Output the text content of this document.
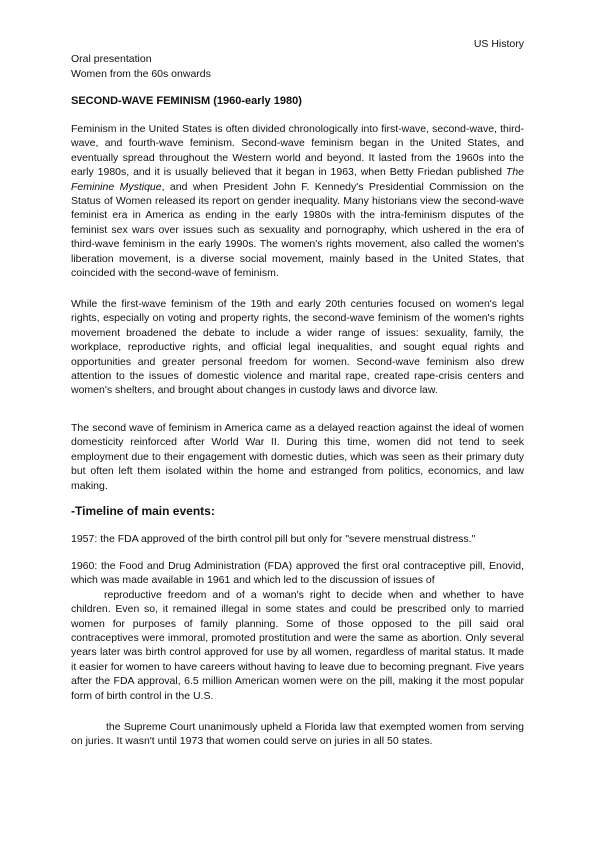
US History
Oral presentation
Women from the 60s onwards
SECOND-WAVE FEMINISM (1960-early 1980)

Feminism in the United States is often divided chronologically into first-wave, second-wave, third-wave, and fourth-wave feminism. Second-wave feminism began in the United States, and eventually spread throughout the Western world and beyond. It lasted from the 1960s into the early 1980s, and it is usually believed that it began in 1963, when Betty Friedan published The Feminine Mystique, and when President John F. Kennedy's Presidential Commission on the Status of Women released its report on gender inequality. Many historians view the second-wave feminist era in America as ending in the early 1980s with the intra-feminism disputes of the feminist sex wars over issues such as sexuality and pornography, which ushered in the era of third-wave feminism in the early 1990s. The women's rights movement, also called the women's liberation movement, is a diverse social movement, mainly based in the United States, that coincided with the second-wave of feminism.

While the first-wave feminism of the 19th and early 20th centuries focused on women's legal rights, especially on voting and property rights, the second-wave feminism of the women's rights movement broadened the debate to include a wider range of issues: sexuality, family, the workplace, reproductive rights, and official legal inequalities, and sought equal rights and opportunities and greater personal freedom for women. Second-wave feminism also drew attention to the issues of domestic violence and marital rape, created rape-crisis centers and women's shelters, and brought about changes in custody laws and divorce law.

The second wave of feminism in America came as a delayed reaction against the ideal of women domesticity reinforced after World War II. During this time, women did not tend to seek employment due to their engagement with domestic duties, which was seen as their primary duty but often left them isolated within the home and estranged from politics, economics, and law making.

-Timeline of main events:
1957: the FDA approved of the birth control pill but only for "severe menstrual distress."

1960: the Food and Drug Administration (FDA) approved the first oral contraceptive pill, Enovid, which was made available in 1961 and which led to the discussion of issues of
reproductive freedom and of a woman's right to decide when and whether to have children. Even so, it remained illegal in some states and could be prescribed only to married women for purposes of family planning. Some of those opposed to the pill said oral contraceptives were immoral, promoted prostitution and were the same as abortion. Only several years later was birth control approved for use by all women, regardless of marital status. It made it easier for women to have careers without having to leave due to becoming pregnant. Five years after the FDA approval, 6.5 million American women were on the pill, making it the most popular form of birth control in the U.S.

the Supreme Court unanimously upheld a Florida law that exempted women from serving on juries. It wasn't until 1973 that women could serve on juries in all 50 states.
